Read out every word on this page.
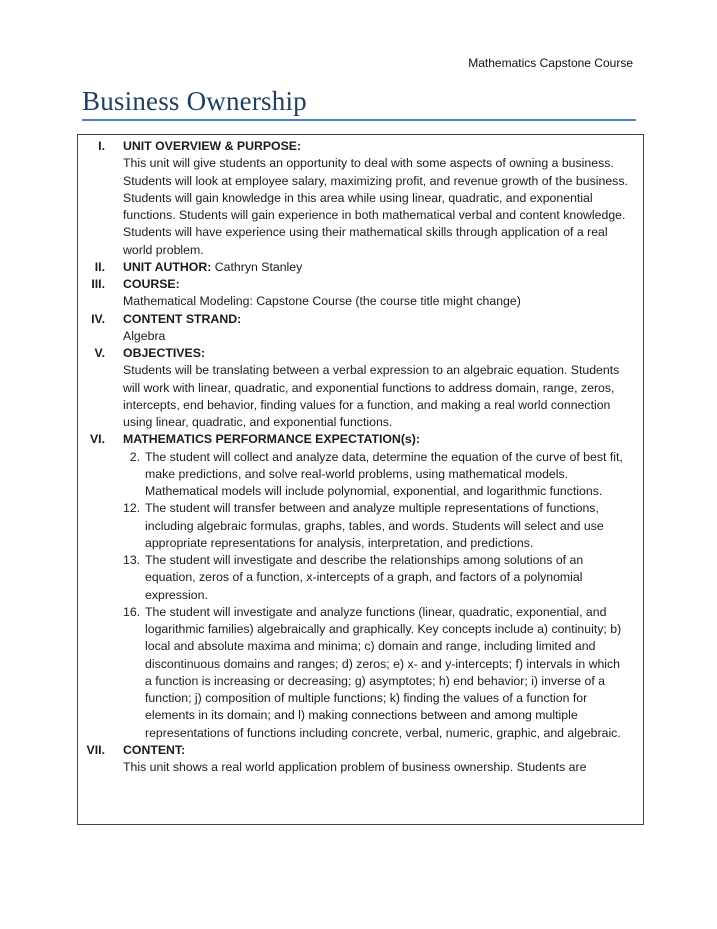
Mathematics Capstone Course
Business Ownership
I.	UNIT OVERVIEW & PURPOSE:
This unit will give students an opportunity to deal with some aspects of owning a business. Students will look at employee salary, maximizing profit, and revenue growth of the business. Students will gain knowledge in this area while using linear, quadratic, and exponential functions. Students will gain experience in both mathematical verbal and content knowledge. Students will have experience using their mathematical skills through application of a real world problem.
II.	UNIT AUTHOR: Cathryn Stanley
III.	COURSE:
Mathematical Modeling: Capstone Course (the course title might change)
IV.	CONTENT STRAND:
Algebra
V.	OBJECTIVES:
Students will be translating between a verbal expression to an algebraic equation. Students will work with linear, quadratic, and exponential functions to address domain, range, zeros, intercepts, end behavior, finding values for a function, and making a real world connection using linear, quadratic, and exponential functions.
VI.	MATHEMATICS PERFORMANCE EXPECTATION(s):
2. The student will collect and analyze data, determine the equation of the curve of best fit, make predictions, and solve real-world problems, using mathematical models. Mathematical models will include polynomial, exponential, and logarithmic functions.
12. The student will transfer between and analyze multiple representations of functions, including algebraic formulas, graphs, tables, and words. Students will select and use appropriate representations for analysis, interpretation, and predictions.
13. The student will investigate and describe the relationships among solutions of an equation, zeros of a function, x-intercepts of a graph, and factors of a polynomial expression.
16. The student will investigate and analyze functions (linear, quadratic, exponential, and logarithmic families) algebraically and graphically. Key concepts include a) continuity; b) local and absolute maxima and minima; c) domain and range, including limited and discontinuous domains and ranges; d) zeros; e) x- and y-intercepts; f) intervals in which a function is increasing or decreasing; g) asymptotes; h) end behavior; i) inverse of a function; j) composition of multiple functions; k) finding the values of a function for elements in its domain; and l) making connections between and among multiple representations of functions including concrete, verbal, numeric, graphic, and algebraic.
VII.	CONTENT:
This unit shows a real world application problem of business ownership. Students are
